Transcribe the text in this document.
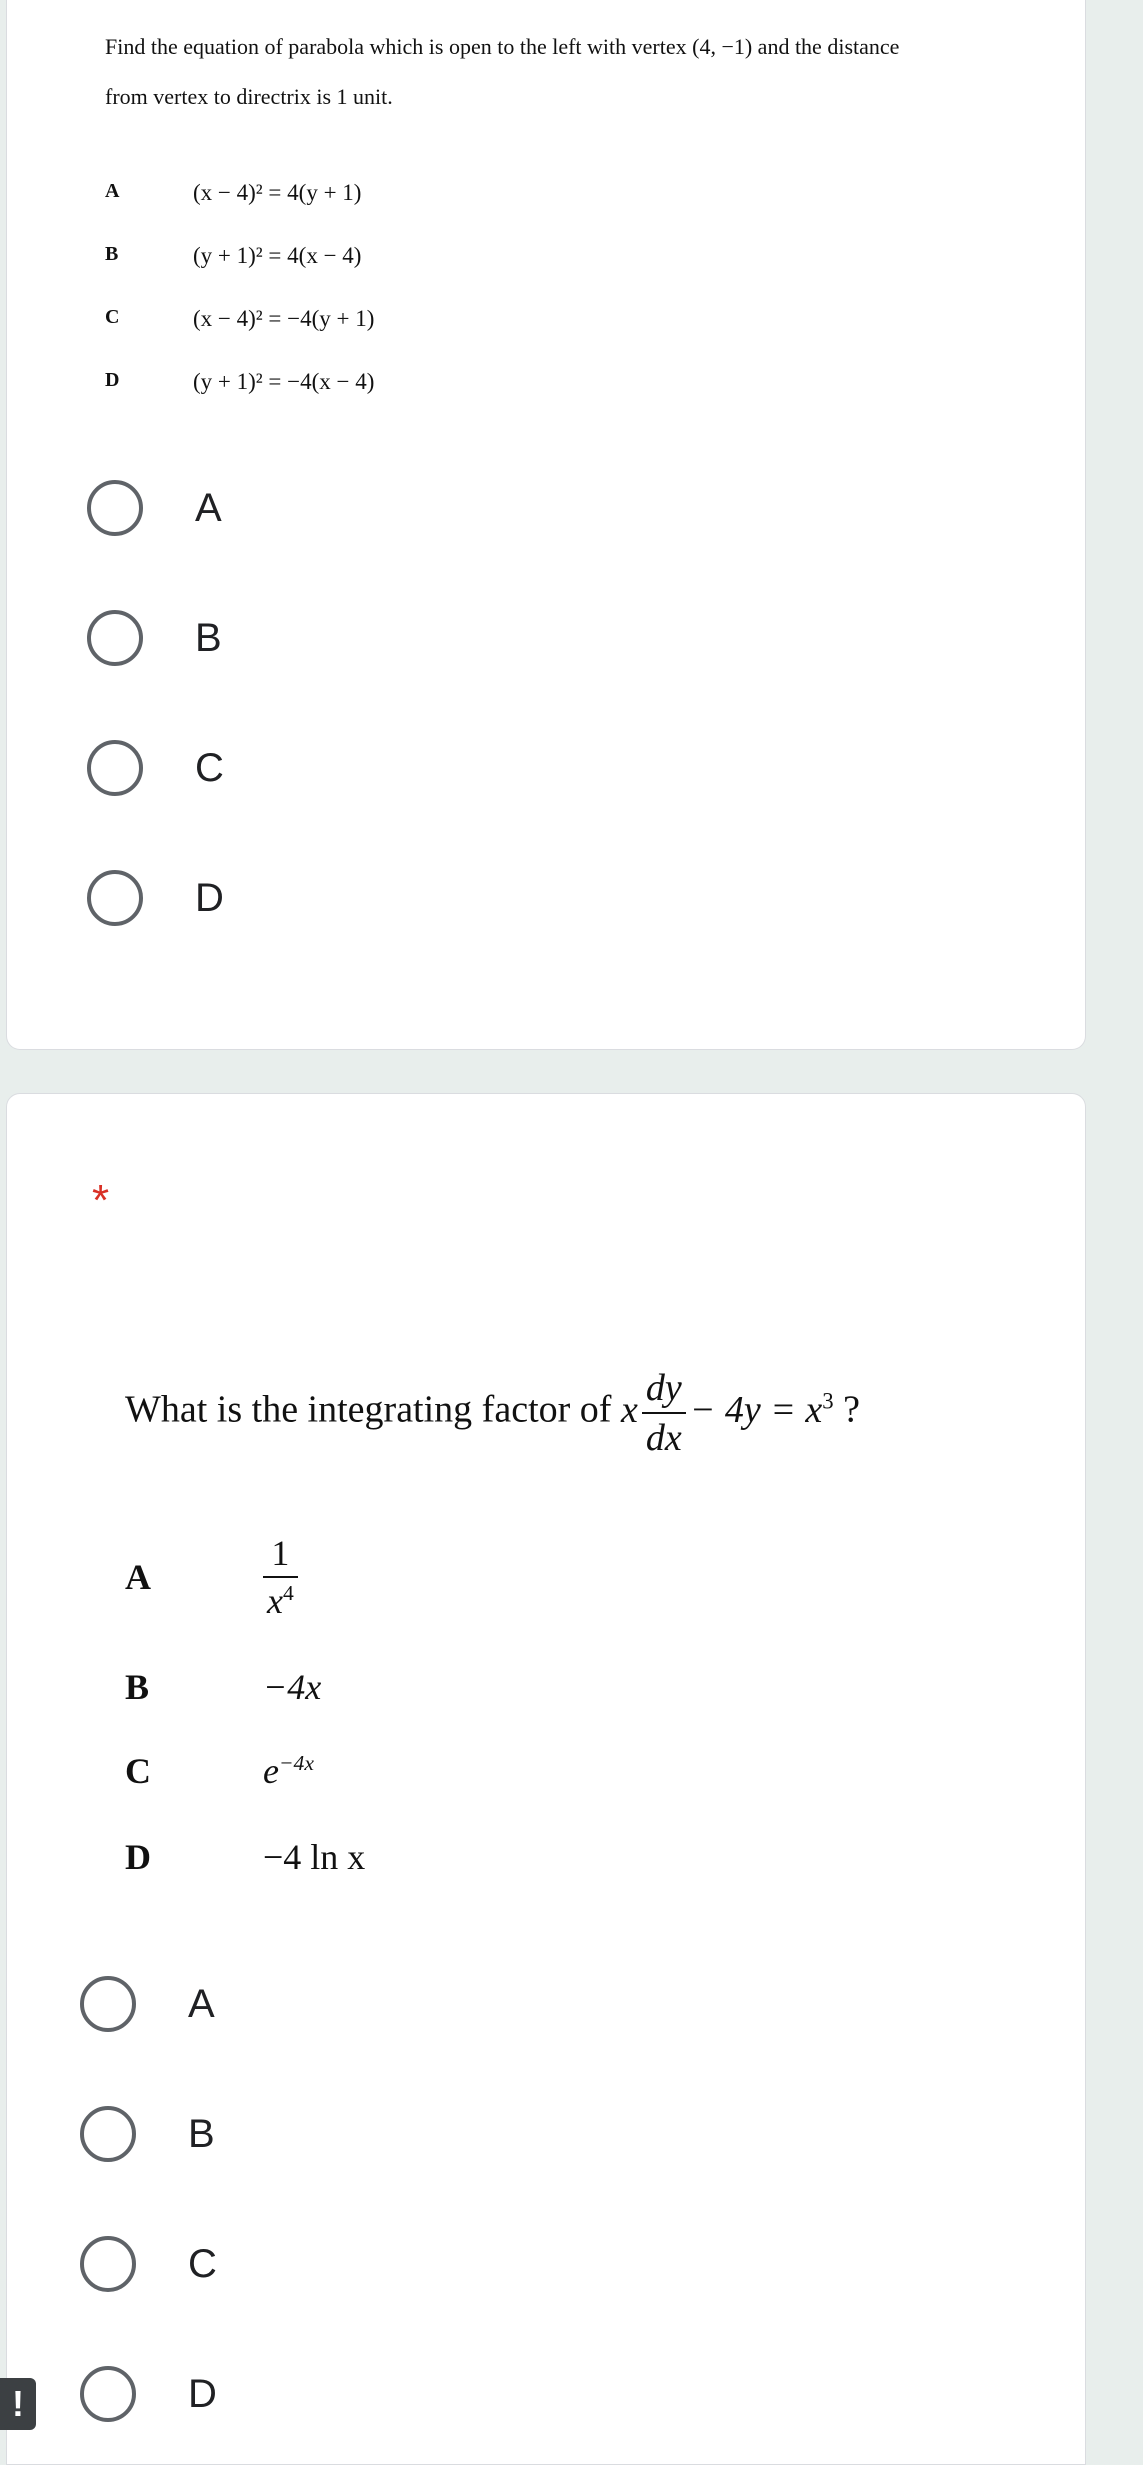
Find the equation of parabola which is open to the left with vertex (4, −1) and the distance
from vertex to directrix is 1 unit.
A	(x − 4)² = 4(y + 1)
B	(y + 1)² = 4(x − 4)
C	(x − 4)² = −4(y + 1)
D	(y + 1)² = −4(x − 4)
A
B
C
D
*
What is the integrating factor of x $\frac{dy}{dx} - 4y = x^3$ ?
A	$\frac{1}{x^4}$
B	−4x
C	$e^{-4x}$
D	−4 ln x
A
B
C
D
!
